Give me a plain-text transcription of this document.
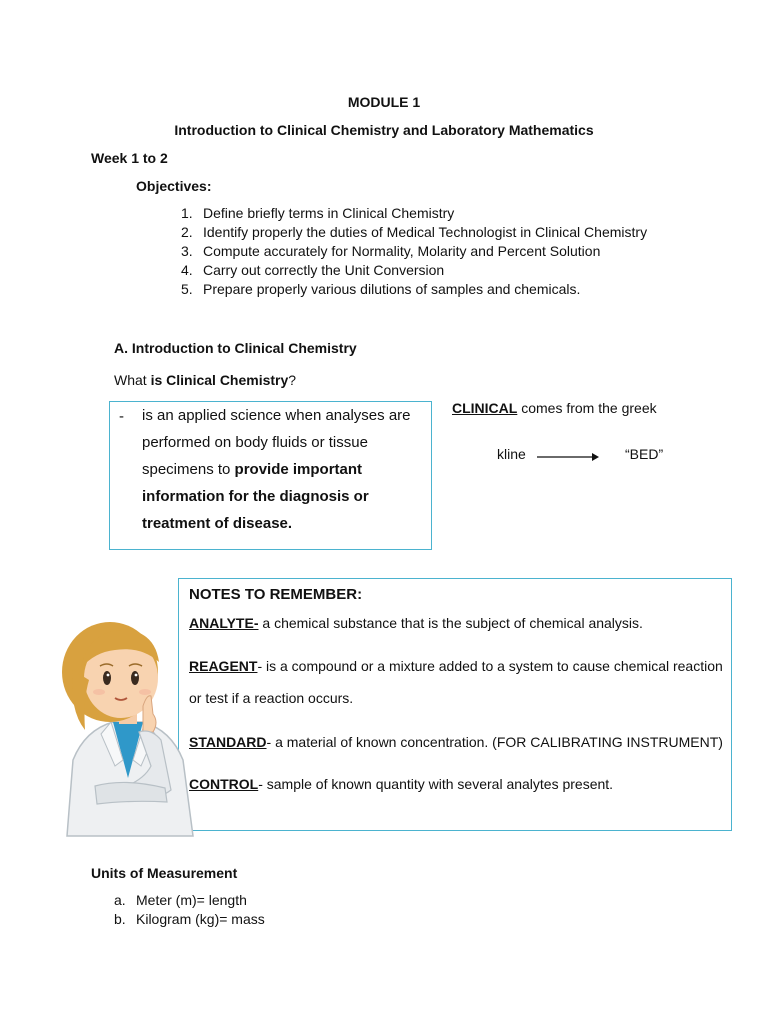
MODULE 1
Introduction to Clinical Chemistry and Laboratory Mathematics
Week 1 to 2
Objectives:
1. Define briefly terms in Clinical Chemistry
2. Identify properly the duties of Medical Technologist in Clinical Chemistry
3. Compute accurately for Normality, Molarity and Percent Solution
4. Carry out correctly the Unit Conversion
5. Prepare properly various dilutions of samples and chemicals.
A. Introduction to Clinical Chemistry
What is Clinical Chemistry?
- is an applied science when analyses are performed on body fluids or tissue specimens to provide important information for the diagnosis or treatment of disease.
CLINICAL comes from the greek
kline	“BED”
NOTES TO REMEMBER:
ANALYTE- a chemical substance that is the subject of chemical analysis.
REAGENT- is a compound or a mixture added to a system to cause chemical reaction
or test if a reaction occurs.
STANDARD- a material of known concentration. (FOR CALIBRATING INSTRUMENT)
CONTROL- sample of known quantity with several analytes present.
Units of Measurement
a. Meter (m)= length
b. Kilogram (kg)= mass
